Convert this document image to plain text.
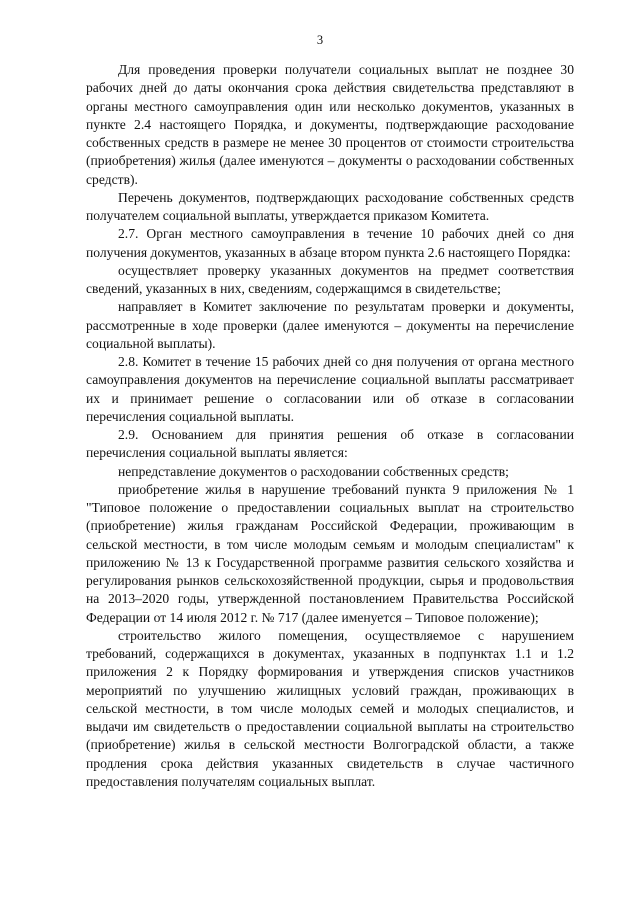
3

Для проведения проверки получатели социальных выплат не позднее 30 рабочих дней до даты окончания срока действия свидетельства представляют в органы местного самоуправления один или несколько документов, указанных в пункте 2.4 настоящего Порядка, и документы, подтверждающие расходование собственных средств в размере не менее 30 процентов от стоимости строительства (приобретения) жилья (далее именуются – документы о расходовании собственных средств).

Перечень документов, подтверждающих расходование собственных средств получателем социальной выплаты, утверждается приказом Комитета.

2.7. Орган местного самоуправления в течение 10 рабочих дней со дня получения документов, указанных в абзаце втором пункта 2.6 настоящего Порядка:

осуществляет проверку указанных документов на предмет соответствия сведений, указанных в них, сведениям, содержащимся в свидетельстве;

направляет в Комитет заключение по результатам проверки и документы, рассмотренные в ходе проверки (далее именуются – документы на перечисление социальной выплаты).

2.8. Комитет в течение 15 рабочих дней со дня получения от органа местного самоуправления документов на перечисление социальной выплаты рассматривает их и принимает решение о согласовании или об отказе в согласовании перечисления социальной выплаты.

2.9. Основанием для принятия решения об отказе в согласовании перечисления социальной выплаты является:

непредставление документов о расходовании собственных средств;

приобретение жилья в нарушение требований пункта 9 приложения № 1 "Типовое положение о предоставлении социальных выплат на строительство (приобретение) жилья гражданам Российской Федерации, проживающим в сельской местности, в том числе молодым семьям и молодым специалистам" к приложению № 13 к Государственной программе развития сельского хозяйства и регулирования рынков сельскохозяйственной продукции, сырья и продовольствия на 2013–2020 годы, утвержденной постановлением Правительства Российской Федерации от 14 июля 2012 г. № 717 (далее именуется – Типовое положение);

строительство жилого помещения, осуществляемое с нарушением требований, содержащихся в документах, указанных в подпунктах 1.1 и 1.2 приложения 2 к Порядку формирования и утверждения списков участников мероприятий по улучшению жилищных условий граждан, проживающих в сельской местности, в том числе молодых семей и молодых специалистов, и выдачи им свидетельств о предоставлении социальной выплаты на строительство (приобретение) жилья в сельской местности Волгоградской области, а также продления срока действия указанных свидетельств в случае частичного предоставления получателям социальных выплат.
